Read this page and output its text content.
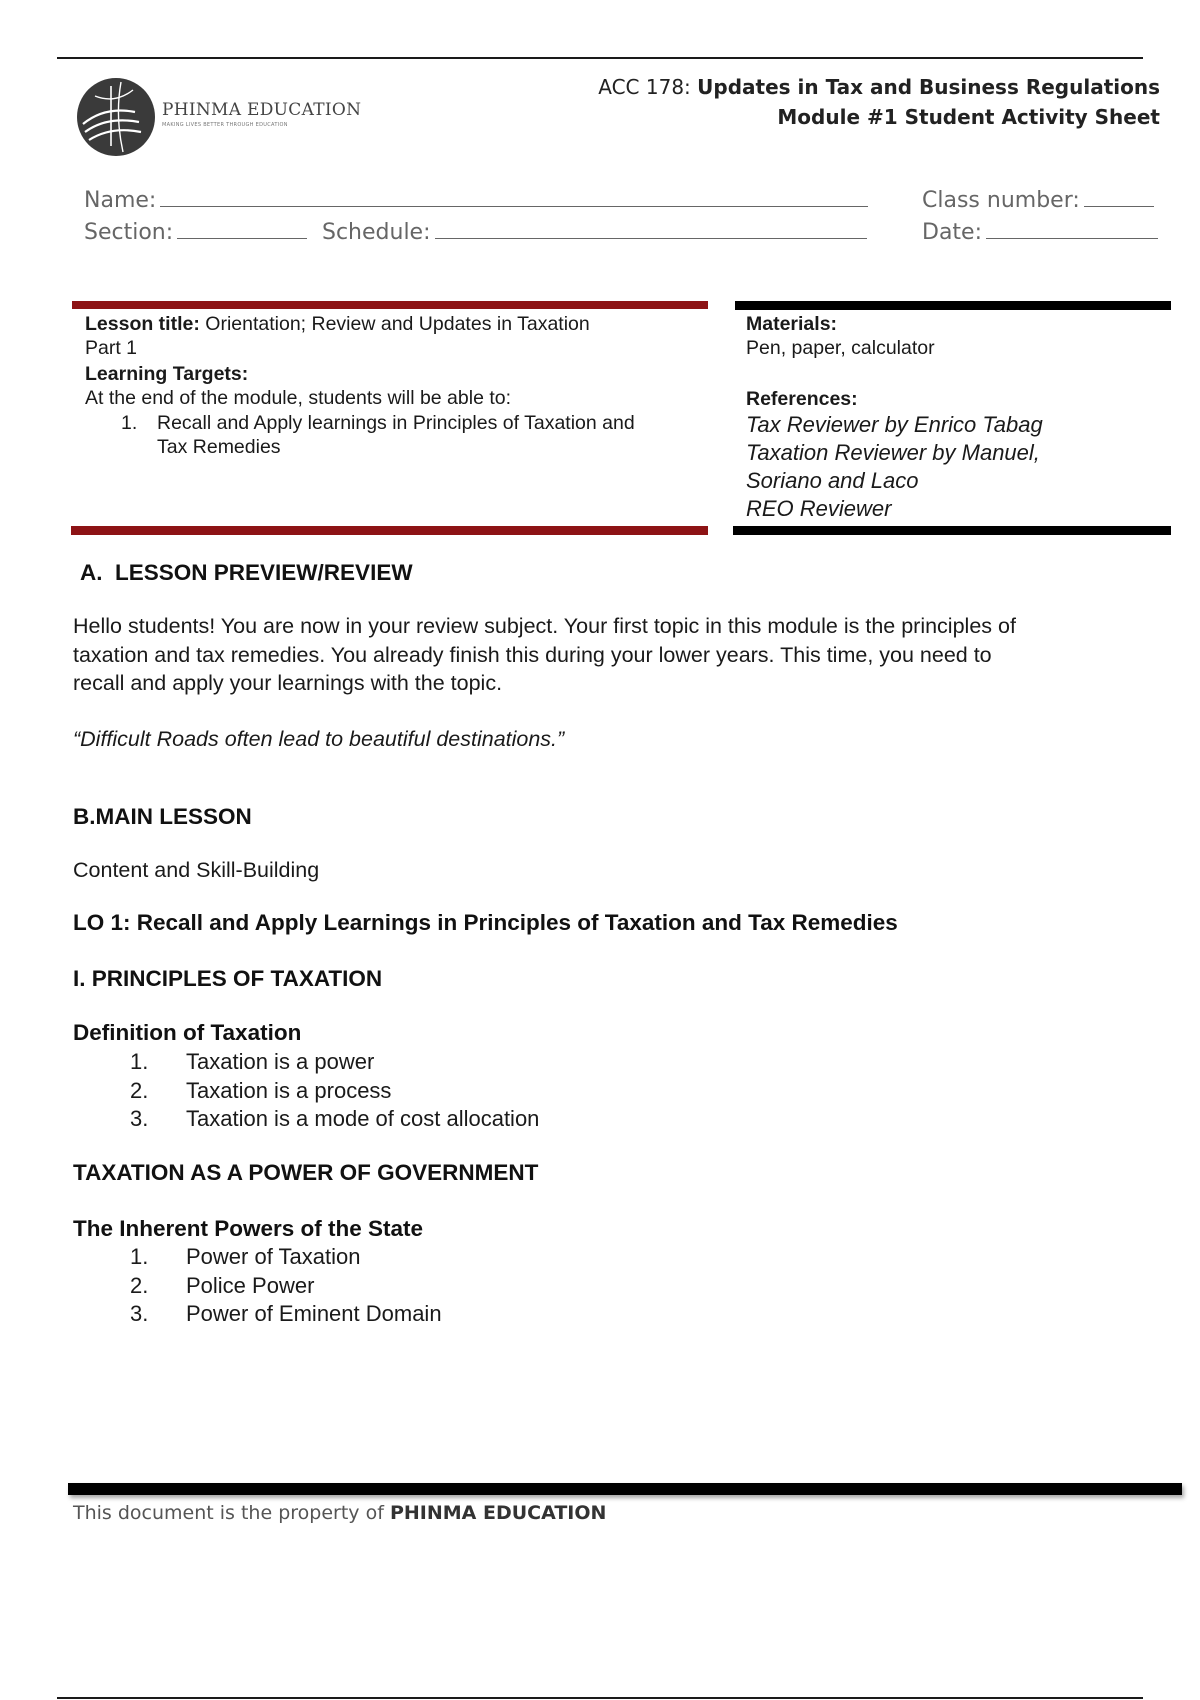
PHINMA EDUCATION
MAKING LIVES BETTER THROUGH EDUCATION
ACC 178: Updates in Tax and Business Regulations
Module #1 Student Activity Sheet
Name:	Class number:
Section:	Schedule:	Date:
Lesson title: Orientation; Review and Updates in Taxation
Part 1
Learning Targets:
At the end of the module, students will be able to:
1. Recall and Apply learnings in Principles of Taxation and
Tax Remedies
Materials:
Pen, paper, calculator
References:
Tax Reviewer by Enrico Tabag
Taxation Reviewer by Manuel,
Soriano and Laco
REO Reviewer
A. LESSON PREVIEW/REVIEW
Hello students! You are now in your review subject. Your first topic in this module is the principles of
taxation and tax remedies. You already finish this during your lower years. This time, you need to
recall and apply your learnings with the topic.
“Difficult Roads often lead to beautiful destinations.”
B.MAIN LESSON
Content and Skill-Building
LO 1: Recall and Apply Learnings in Principles of Taxation and Tax Remedies
I. PRINCIPLES OF TAXATION
Definition of Taxation
1. Taxation is a power
2. Taxation is a process
3. Taxation is a mode of cost allocation
TAXATION AS A POWER OF GOVERNMENT
The Inherent Powers of the State
1. Power of Taxation
2. Police Power
3. Power of Eminent Domain
This document is the property of PHINMA EDUCATION
